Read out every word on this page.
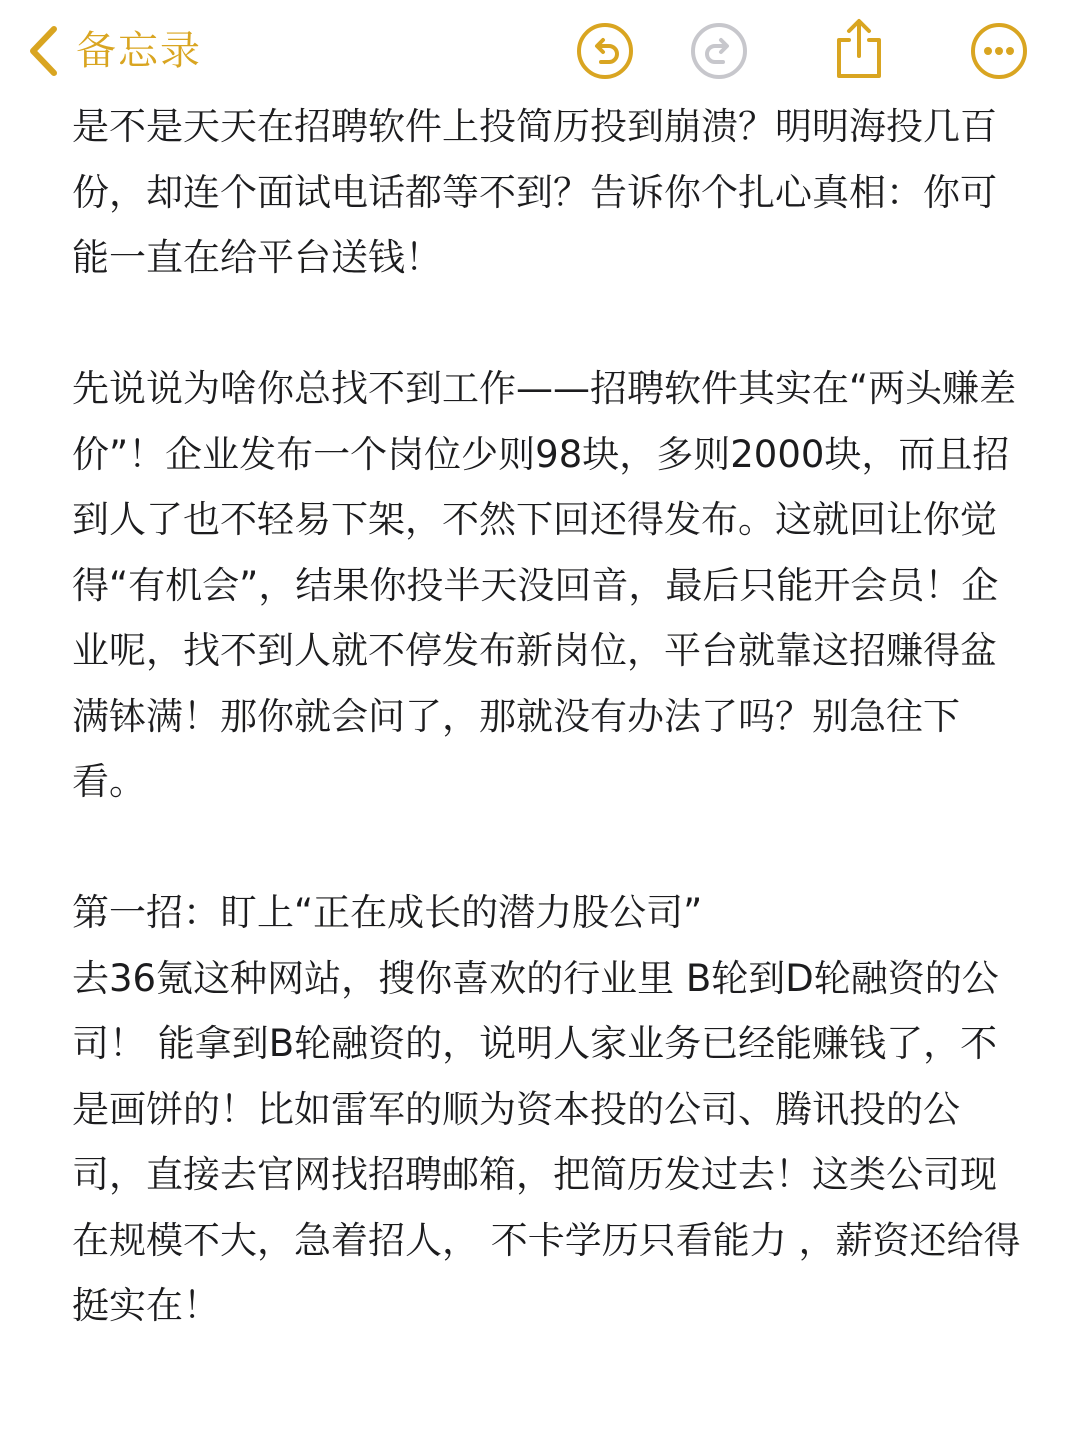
备忘录
是不是天天在招聘软件上投简历投到崩溃？明明海投几百份，却连个面试电话都等不到？告诉你个扎心真相：你可能一直在给平台送钱！

先说说为啥你总找不到工作——招聘软件其实在“两头赚差价”！企业发布一个岗位少则98块，多则2000块，而且招到人了也不轻易下架，不然下回还得发布。这就回让你觉得“有机会”，结果你投半天没回音，最后只能开会员！企业呢，找不到人就不停发布新岗位，平台就靠这招赚得盆满钵满！那你就会问了，那就没有办法了吗？别急往下看。

第一招：盯上“正在成长的潜力股公司”
去36氪这种网站，搜你喜欢的行业里 B轮到D轮融资的公司！ 能拿到B轮融资的，说明人家业务已经能赚钱了，不是画饼的！比如雷军的顺为资本投的公司、腾讯投的公司，直接去官网找招聘邮箱，把简历发过去！这类公司现在规模不大，急着招人， 不卡学历只看能力 ，薪资还给得挺实在！
